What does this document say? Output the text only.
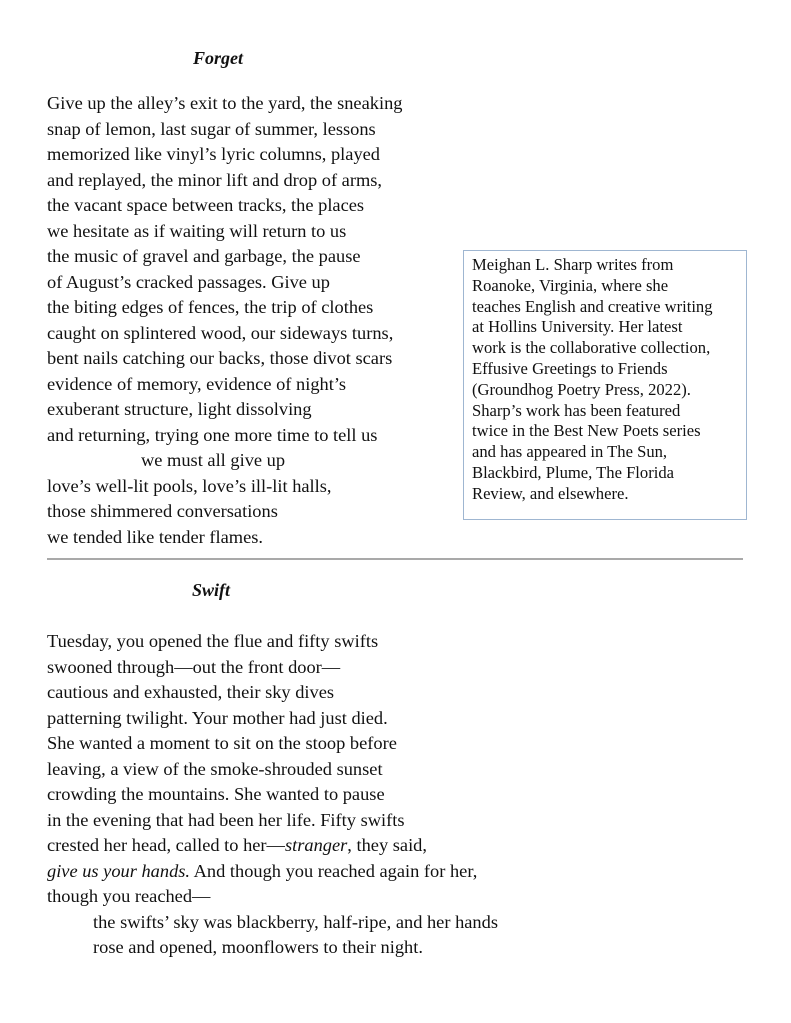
Forget
Give up the alley’s exit to the yard, the sneaking
snap of lemon, last sugar of summer, lessons
memorized like vinyl’s lyric columns, played
and replayed, the minor lift and drop of arms,
the vacant space between tracks, the places
we hesitate as if waiting will return to us
the music of gravel and garbage, the pause
of August’s cracked passages. Give up
the biting edges of fences, the trip of clothes
caught on splintered wood, our sideways turns,
bent nails catching our backs, those divot scars
evidence of memory, evidence of night’s
exuberant structure, light dissolving
and returning, trying one more time to tell us
we must all give up
love’s well-lit pools, love’s ill-lit halls,
those shimmered conversations
we tended like tender flames.
Meighan L. Sharp writes from
Roanoke, Virginia, where she
teaches English and creative writing
at Hollins University. Her latest
work is the collaborative collection,
Effusive Greetings to Friends
(Groundhog Poetry Press, 2022).
Sharp’s work has been featured
twice in the Best New Poets series
and has appeared in The Sun,
Blackbird, Plume, The Florida
Review, and elsewhere.
Swift
Tuesday, you opened the flue and fifty swifts
swooned through—out the front door—
cautious and exhausted, their sky dives
patterning twilight. Your mother had just died.
She wanted a moment to sit on the stoop before
leaving, a view of the smoke-shrouded sunset
crowding the mountains. She wanted to pause
in the evening that had been her life. Fifty swifts
crested her head, called to her—stranger, they said,
give us your hands. And though you reached again for her,
though you reached—
the swifts’ sky was blackberry, half-ripe, and her hands
rose and opened, moonflowers to their night.
